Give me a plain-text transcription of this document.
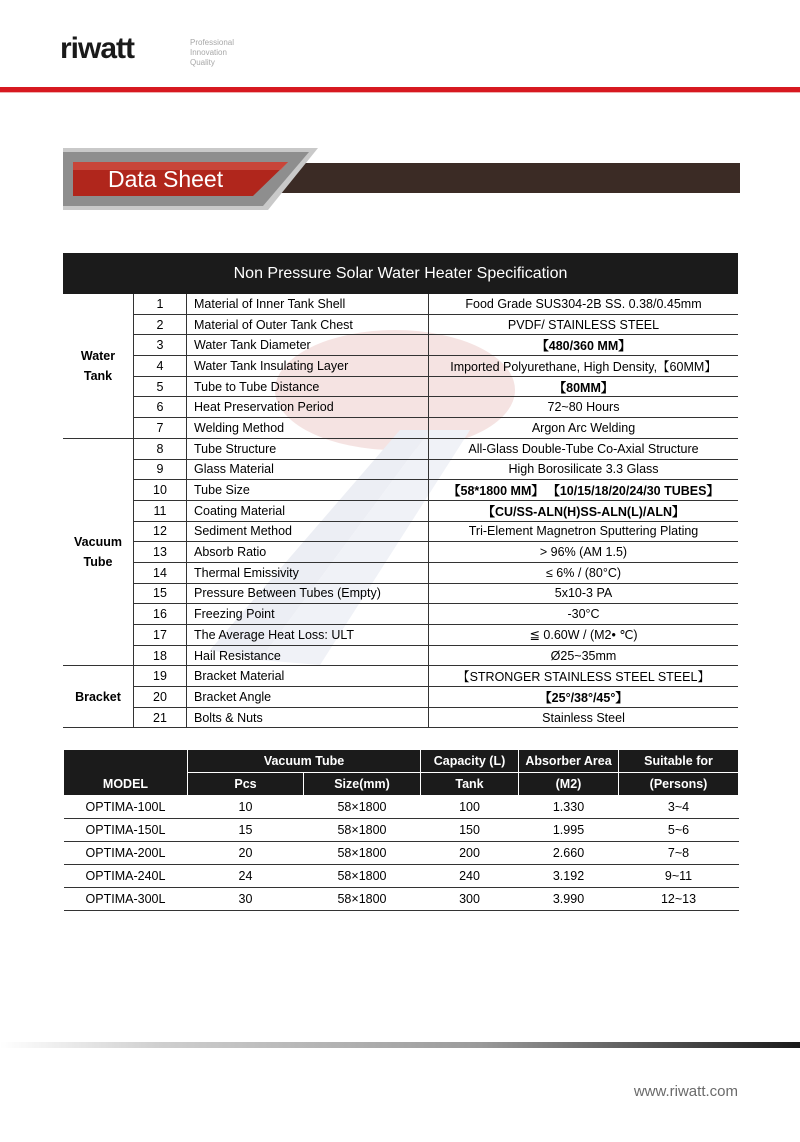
riwatt	Professional
Innovation
Quality
Data Sheet
Non Pressure Solar Water Heater Specification
Water
Tank	1	Material of Inner Tank Shell	Food Grade SUS304-2B SS. 0.38/0.45mm
	2	Material of Outer Tank Chest	PVDF/ STAINLESS STEEL
	3	Water Tank Diameter	【480/360 MM】
	4	Water Tank Insulating Layer	Imported Polyurethane, High Density,【60MM】
	5	Tube to Tube Distance	【80MM】
	6	Heat Preservation Period	72~80 Hours
	7	Welding Method	Argon Arc Welding
Vacuum
Tube	8	Tube Structure	All-Glass Double-Tube Co-Axial Structure
	9	Glass Material	High Borosilicate 3.3 Glass
	10	Tube Size	【58*1800 MM】 【10/15/18/20/24/30 TUBES】
	11	Coating Material	【CU/SS-ALN(H)SS-ALN(L)/ALN】
	12	Sediment Method	Tri-Element Magnetron Sputtering Plating
	13	Absorb Ratio	> 96% (AM 1.5)
	14	Thermal Emissivity	≤ 6% / (80°C)
	15	Pressure Between Tubes (Empty)	5x10-3 PA
	16	Freezing Point	-30°C
	17	The Average Heat Loss: ULT	≦ 0.60W / (M2• ℃)
	18	Hail Resistance	Ø25~35mm
Bracket	19	Bracket Material	【STRONGER STAINLESS STEEL STEEL】
	20	Bracket Angle	【25°/38°/45°】
	21	Bolts & Nuts	Stainless Steel
MODEL	Vacuum Tube		Capacity (L)	Absorber Area	Suitable for
	Pcs	Size(mm)	Tank	(M2)	(Persons)
OPTIMA-100L	10	58×1800	100	1.330	3~4
OPTIMA-150L	15	58×1800	150	1.995	5~6
OPTIMA-200L	20	58×1800	200	2.660	7~8
OPTIMA-240L	24	58×1800	240	3.192	9~11
OPTIMA-300L	30	58×1800	300	3.990	12~13
www.riwatt.com
